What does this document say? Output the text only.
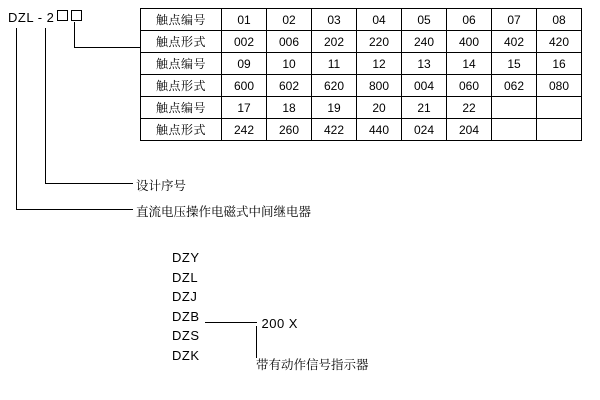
DZL - 2
设计序号
直流电压操作电磁式中间继电器
触点编号	01	02	03	04	05	06	07	08
触点形式	002	006	202	220	240	400	402	420
触点编号	09	10	11	12	13	14	15	16
触点形式	600	602	620	800	004	060	062	080
触点编号	17	18	19	20	21	22		
触点形式	242	260	422	440	024	204		
DZY
DZL
DZJ
DZB
DZS
DZK
200 X
带有动作信号指示器
